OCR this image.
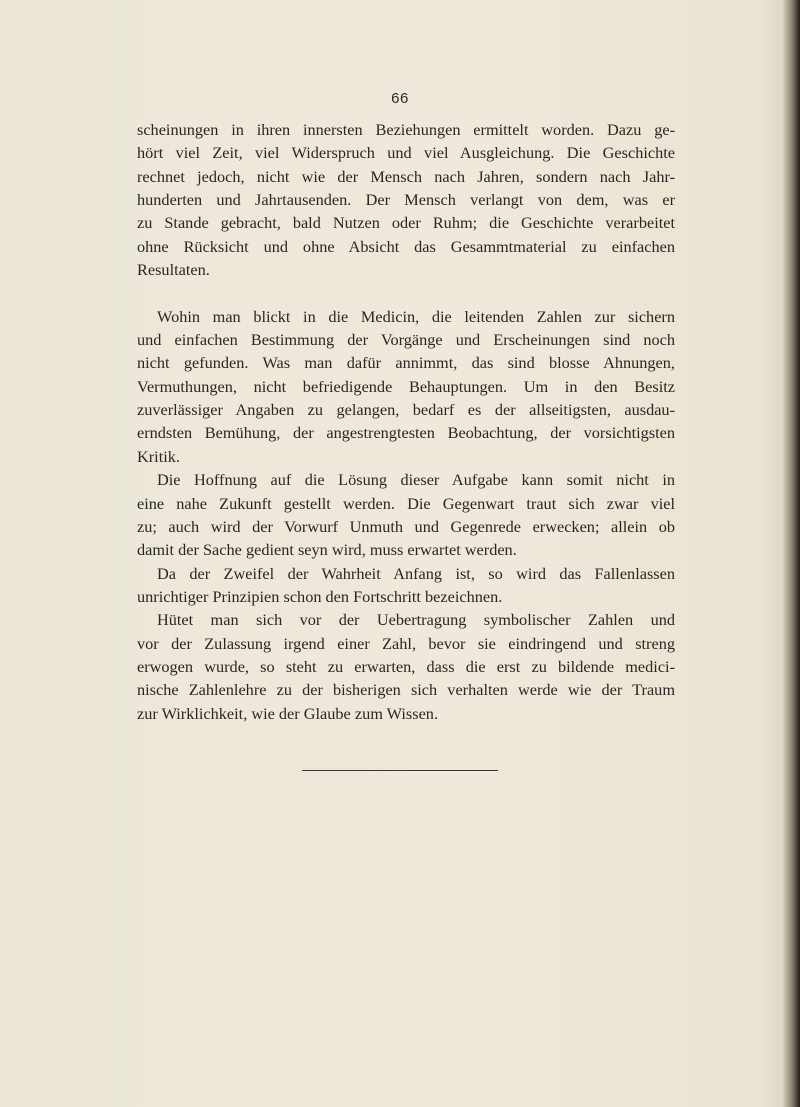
66
scheinungen in ihren innersten Beziehungen ermittelt worden. Dazu ge-
hört viel Zeit, viel Widerspruch und viel Ausgleichung. Die Geschichte
rechnet jedoch, nicht wie der Mensch nach Jahren, sondern nach Jahr-
hunderten und Jahrtausenden. Der Mensch verlangt von dem, was er
zu Stande gebracht, bald Nutzen oder Ruhm; die Geschichte verarbeitet
ohne Rücksicht und ohne Absicht das Gesammtmaterial zu einfachen
Resultaten.
Wohin man blickt in die Medicin, die leitenden Zahlen zur sichern
und einfachen Bestimmung der Vorgänge und Erscheinungen sind noch
nicht gefunden. Was man dafür annimmt, das sind blosse Ahnungen,
Vermuthungen, nicht befriedigende Behauptungen. Um in den Besitz
zuverlässiger Angaben zu gelangen, bedarf es der allseitigsten, ausdau-
erndsten Bemühung, der angestrengtesten Beobachtung, der vorsichtigsten
Kritik.
Die Hoffnung auf die Lösung dieser Aufgabe kann somit nicht in
eine nahe Zukunft gestellt werden. Die Gegenwart traut sich zwar viel
zu; auch wird der Vorwurf Unmuth und Gegenrede erwecken; allein ob
damit der Sache gedient seyn wird, muss erwartet werden.
Da der Zweifel der Wahrheit Anfang ist, so wird das Fallenlassen
unrichtiger Prinzipien schon den Fortschritt bezeichnen.
Hütet man sich vor der Uebertragung symbolischer Zahlen und
vor der Zulassung irgend einer Zahl, bevor sie eindringend und streng
erwogen wurde, so steht zu erwarten, dass die erst zu bildende medici-
nische Zahlenlehre zu der bisherigen sich verhalten werde wie der Traum
zur Wirklichkeit, wie der Glaube zum Wissen.
